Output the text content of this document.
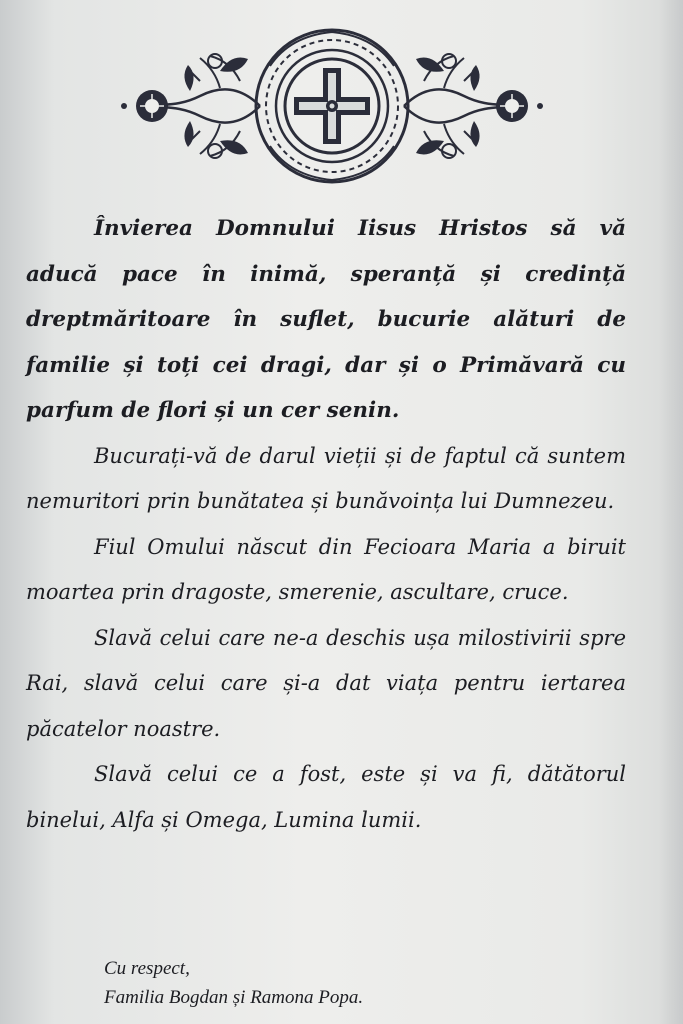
Învierea Domnului Iisus Hristos să vă aducă pace în inimă, speranță și credință dreptmăritoare în suflet, bucurie alături de familie și toți cei dragi, dar și o Primăvară cu parfum de flori și un cer senin.

Bucurați-vă de darul vieții și de faptul că suntem nemuritori prin bunătatea și bunăvoința lui Dumnezeu.

Fiul Omului născut din Fecioara Maria a biruit moartea prin dragoste, smerenie, ascultare, cruce.

Slavă celui care ne-a deschis ușa milostivirii spre Rai, slavă celui care și-a dat viața pentru iertarea păcatelor noastre.

Slavă celui ce a fost, este și va fi, dătătorul binelui, Alfa și Omega, Lumina lumii.

Cu respect,
Familia Bogdan și Ramona Popa.
